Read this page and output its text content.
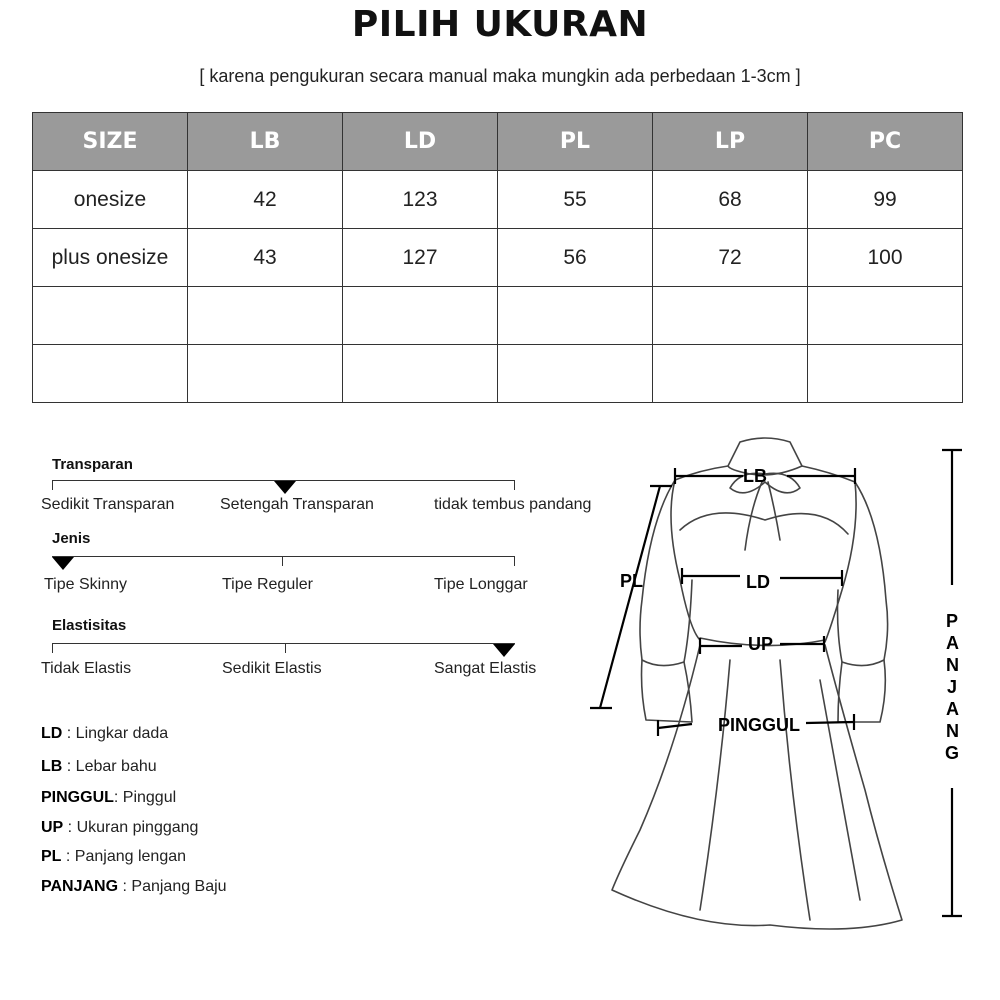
PILIH UKURAN
[ karena pengukuran secara manual maka mungkin ada perbedaan 1-3cm ]
SIZE	LB	LD	PL	LP	PC
onesize	42	123	55	68	99
plus onesize	43	127	56	72	100

Transparan
Sedikit Transparan	Setengah Transparan	tidak tembus pandang
Jenis
Tipe Skinny	Tipe Reguler	Tipe Longgar
Elastisitas
Tidak Elastis	Sedikit Elastis	Sangat Elastis
LD : Lingkar dada
LB : Lebar bahu
PINGGUL: Pinggul
UP : Ukuran pinggang
PL : Panjang lengan
PANJANG : Panjang Baju
LB
PL	LD
UP
PINGGUL
P
A
N
J
A
N
G
